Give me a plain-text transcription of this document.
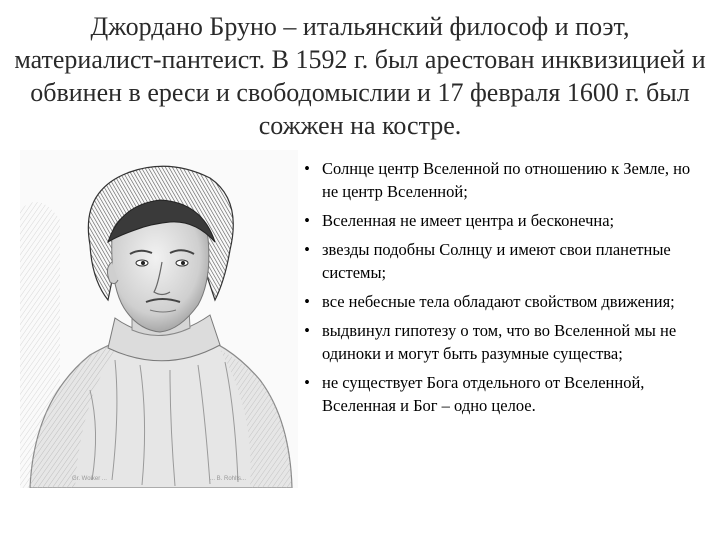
Джордано Бруно – итальянский философ и поэт, материалист-пантеист. В 1592 г. был арестован инквизицией и обвинен в ереси и свободомыслии и 17 февраля 1600 г. был сожжен на костре.
Gr. Wolker ...	... B. Rohlfs...
• Солнце центр Вселенной по отношению к Земле, но не центр Вселенной;
• Вселенная не имеет центра и бесконечна;
• звезды подобны Солнцу и имеют свои планетные системы;
• все небесные тела обладают свойством движения;
• выдвинул гипотезу о том, что во Вселенной мы не одиноки и могут быть разумные существа;
• не существует Бога отдельного от Вселенной, Вселенная и Бог – одно целое.
